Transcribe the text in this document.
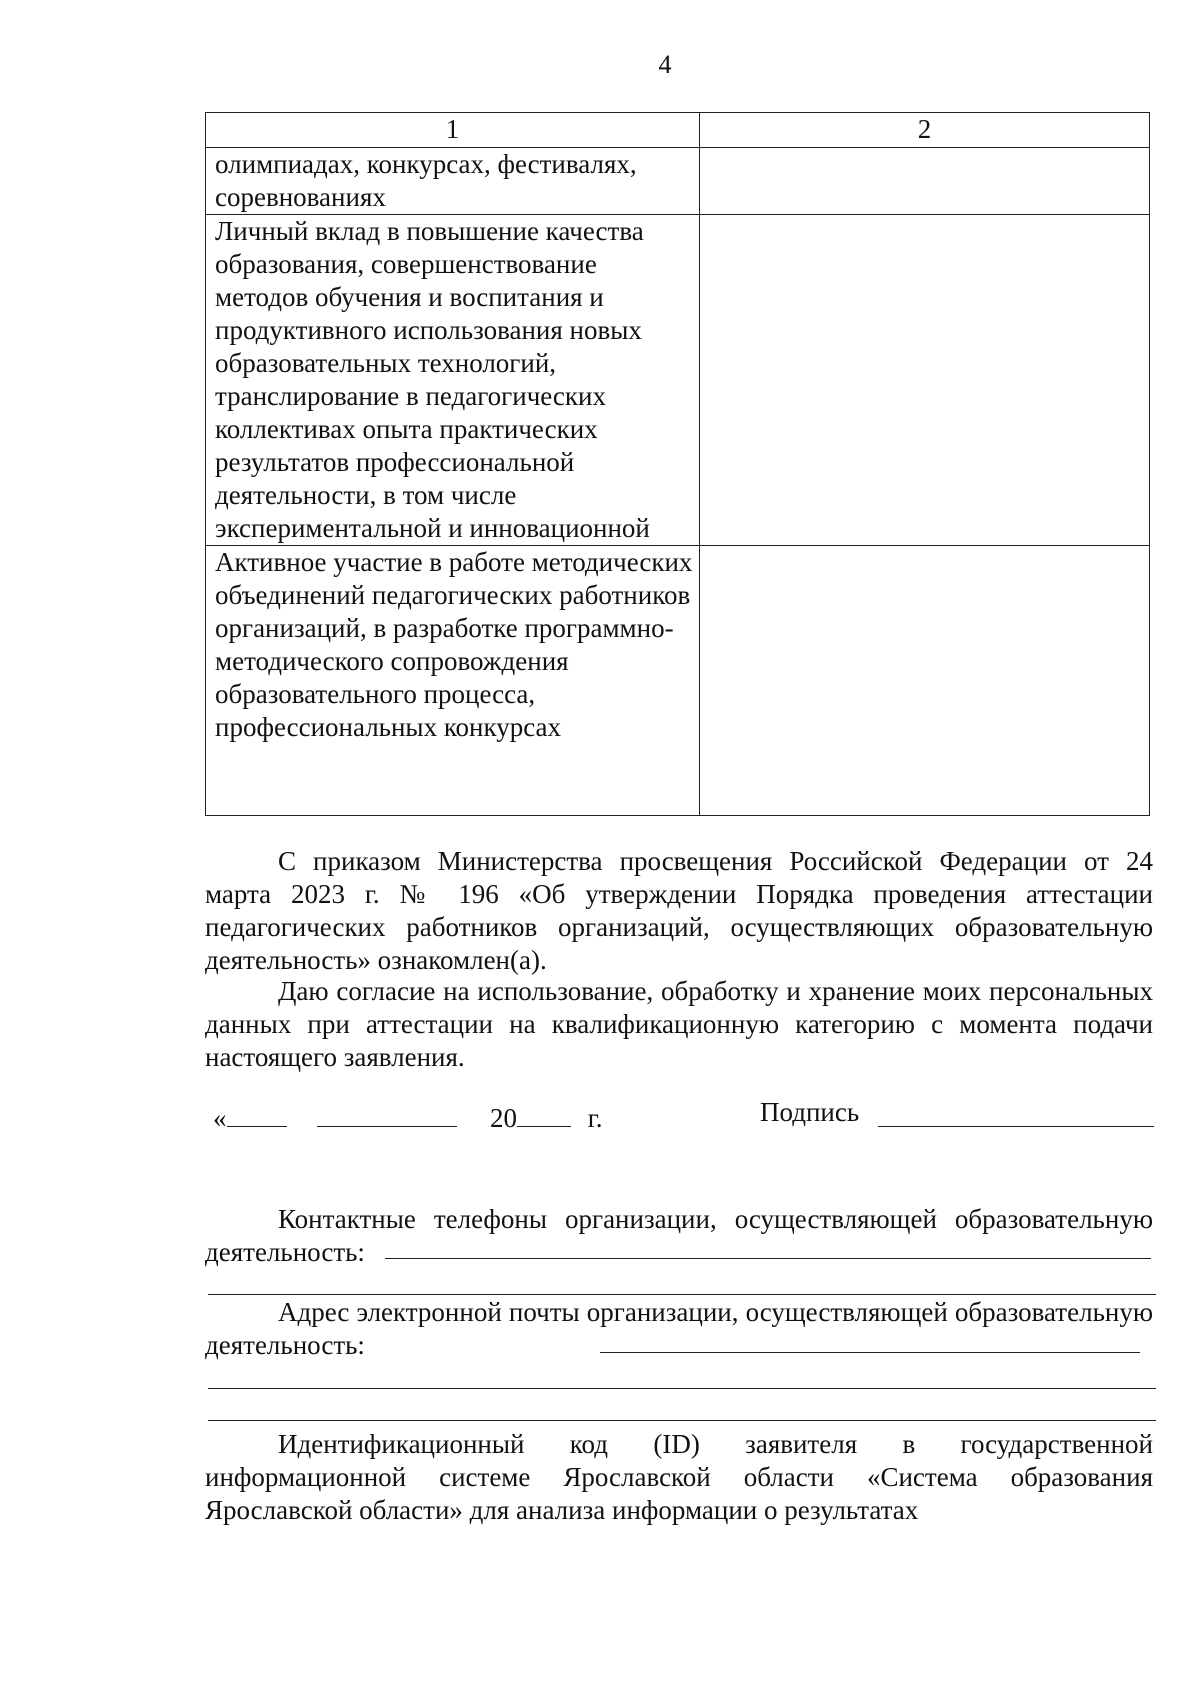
4
1	2
олимпиадах, конкурсах, фестивалях, соревнованиях	
Личный вклад в повышение качества образования, совершенствование методов обучения и воспитания и продуктивного использования новых образовательных технологий, транслирование в педагогических коллективах опыта практических результатов профессиональной деятельности, в том числе экспериментальной и инновационной	
Активное участие в работе методических объединений педагогических работников организаций, в разработке программно-методического сопровождения образовательного процесса, профессиональных конкурсах	
С приказом Министерства просвещения Российской Федерации от 24 марта 2023 г. № 196 «Об утверждении Порядка проведения аттестации педагогических работников организаций, осуществляющих образовательную деятельность» ознакомлен(а).
Даю согласие на использование, обработку и хранение моих персональных данных при аттестации на квалификационную категорию с момента подачи настоящего заявления.
«	20	г.	Подпись
Контактные телефоны организации, осуществляющей образовательную деятельность:
Адрес электронной почты организации, осуществляющей образовательную деятельность:
Идентификационный код (ID) заявителя в государственной информационной системе Ярославской области «Система образования Ярославской области» для анализа информации о результатах
